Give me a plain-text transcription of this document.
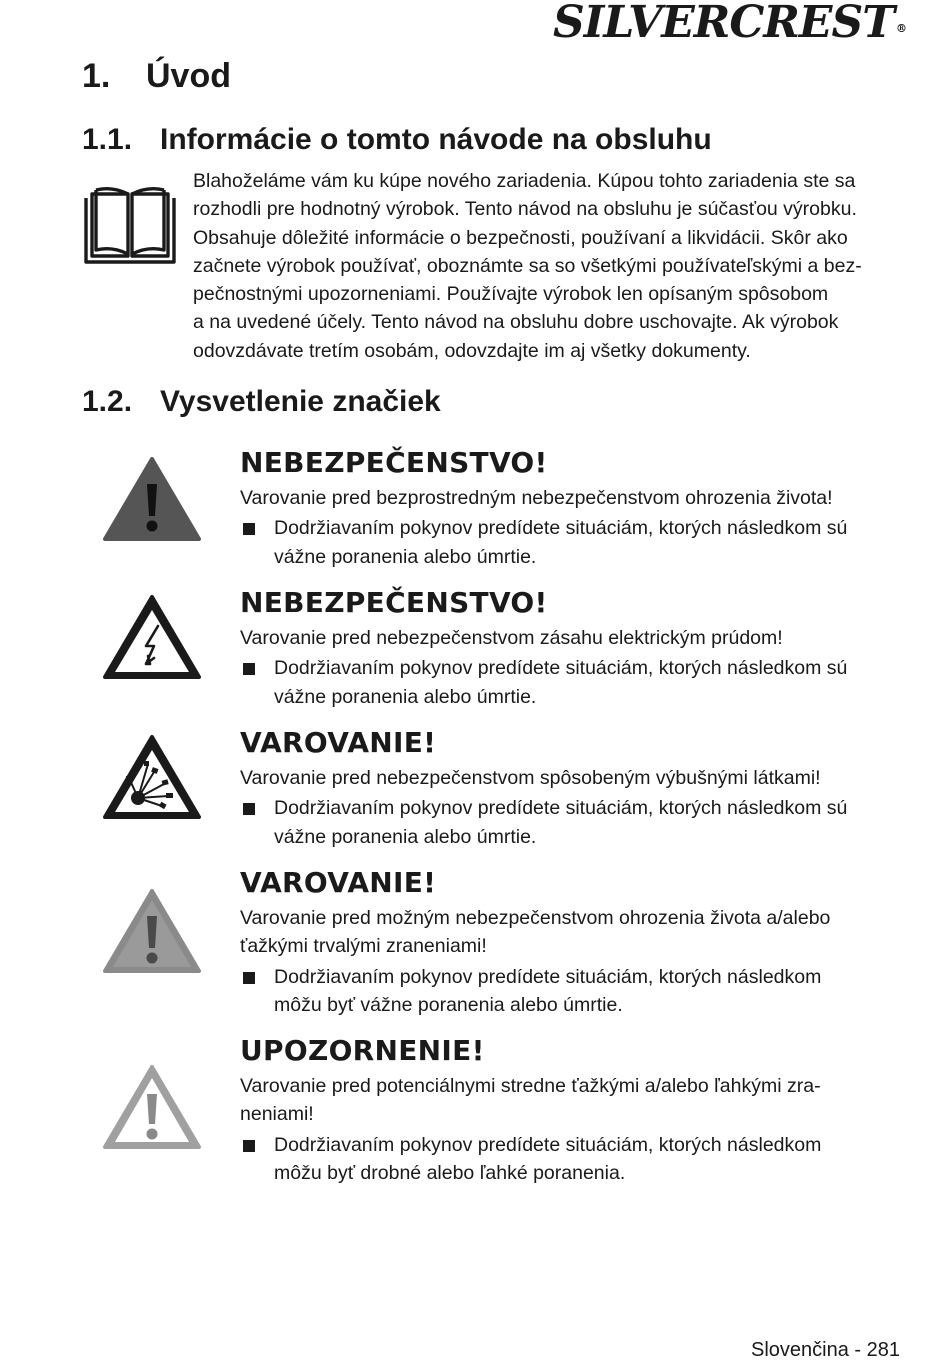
SILVERCREST ®
1. Úvod
1.1. Informácie o tomto návode na obsluhu
Blahoželáme vám ku kúpe nového zariadenia. Kúpou tohto zariadenia ste sa
rozhodli pre hodnotný výrobok. Tento návod na obsluhu je súčasťou výrobku.
Obsahuje dôležité informácie o bezpečnosti, používaní a likvidácii. Skôr ako
začnete výrobok používať, oboznámte sa so všetkými používateľskými a bez-
pečnostnými upozorneniami. Používajte výrobok len opísaným spôsobom
a na uvedené účely. Tento návod na obsluhu dobre uschovajte. Ak výrobok
odovzdávate tretím osobám, odovzdajte im aj všetky dokumenty.
1.2. Vysvetlenie značiek

NEBEZPEČENSTVO!

Varovanie pred bezprostredným nebezpečenstvom ohrozenia života!

Dodržiavaním pokynov predídete situáciám, ktorých následkom sú
vážne poranenia alebo úmrtie.

NEBEZPEČENSTVO!

Varovanie pred nebezpečenstvom zásahu elektrickým prúdom!

Dodržiavaním pokynov predídete situáciám, ktorých následkom sú
vážne poranenia alebo úmrtie.

VAROVANIE!

Varovanie pred nebezpečenstvom spôsobeným výbušnými látkami!

Dodržiavaním pokynov predídete situáciám, ktorých následkom sú
vážne poranenia alebo úmrtie.

VAROVANIE!

Varovanie pred možným nebezpečenstvom ohrozenia života a/alebo
ťažkými trvalými zraneniami!

Dodržiavaním pokynov predídete situáciám, ktorých následkom
môžu byť vážne poranenia alebo úmrtie.

UPOZORNENIE!

Varovanie pred potenciálnymi stredne ťažkými a/alebo ľahkými zra-
neniami!

Dodržiavaním pokynov predídete situáciám, ktorých následkom
môžu byť drobné alebo ľahké poranenia.

Slovenčina - 281
